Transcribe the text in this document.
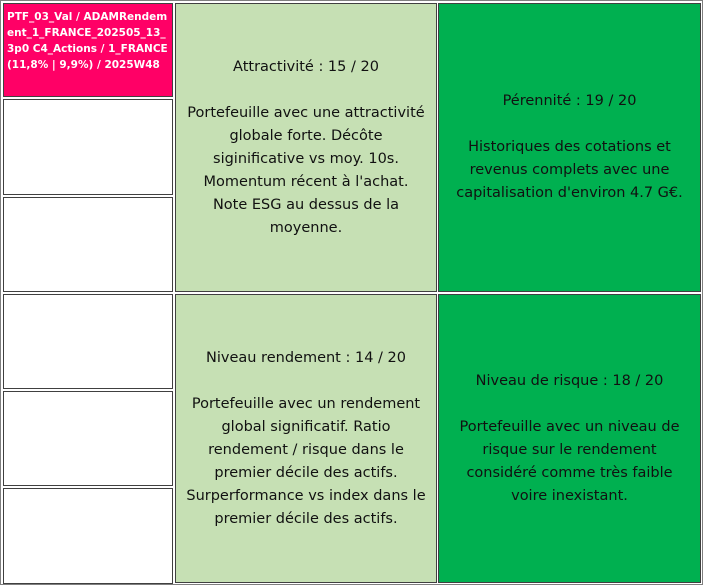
PTF_03_Val / ADAMRendement_1_FRANCE_202505_13_3p0 C4_Actions / 1_FRANCE (11,8% | 9,9%) / 2025W48	Attractivité : 15 / 20
Portefeuille avec une attractivité
globale forte. Décôte
siginificative vs moy. 10s.
Momentum récent à l'achat.
Note ESG au dessus de la
moyenne.
Pérennité : 19 / 20
Historiques des cotations et
revenus complets avec une
capitalisation d'environ 4.7 G€.
Niveau rendement : 14 / 20
Portefeuille avec un rendement
global significatif. Ratio
rendement / risque dans le
premier décile des actifs.
Surperformance vs index dans le
premier décile des actifs.
Niveau de risque : 18 / 20
Portefeuille avec un niveau de
risque sur le rendement
considéré comme très faible
voire inexistant.
